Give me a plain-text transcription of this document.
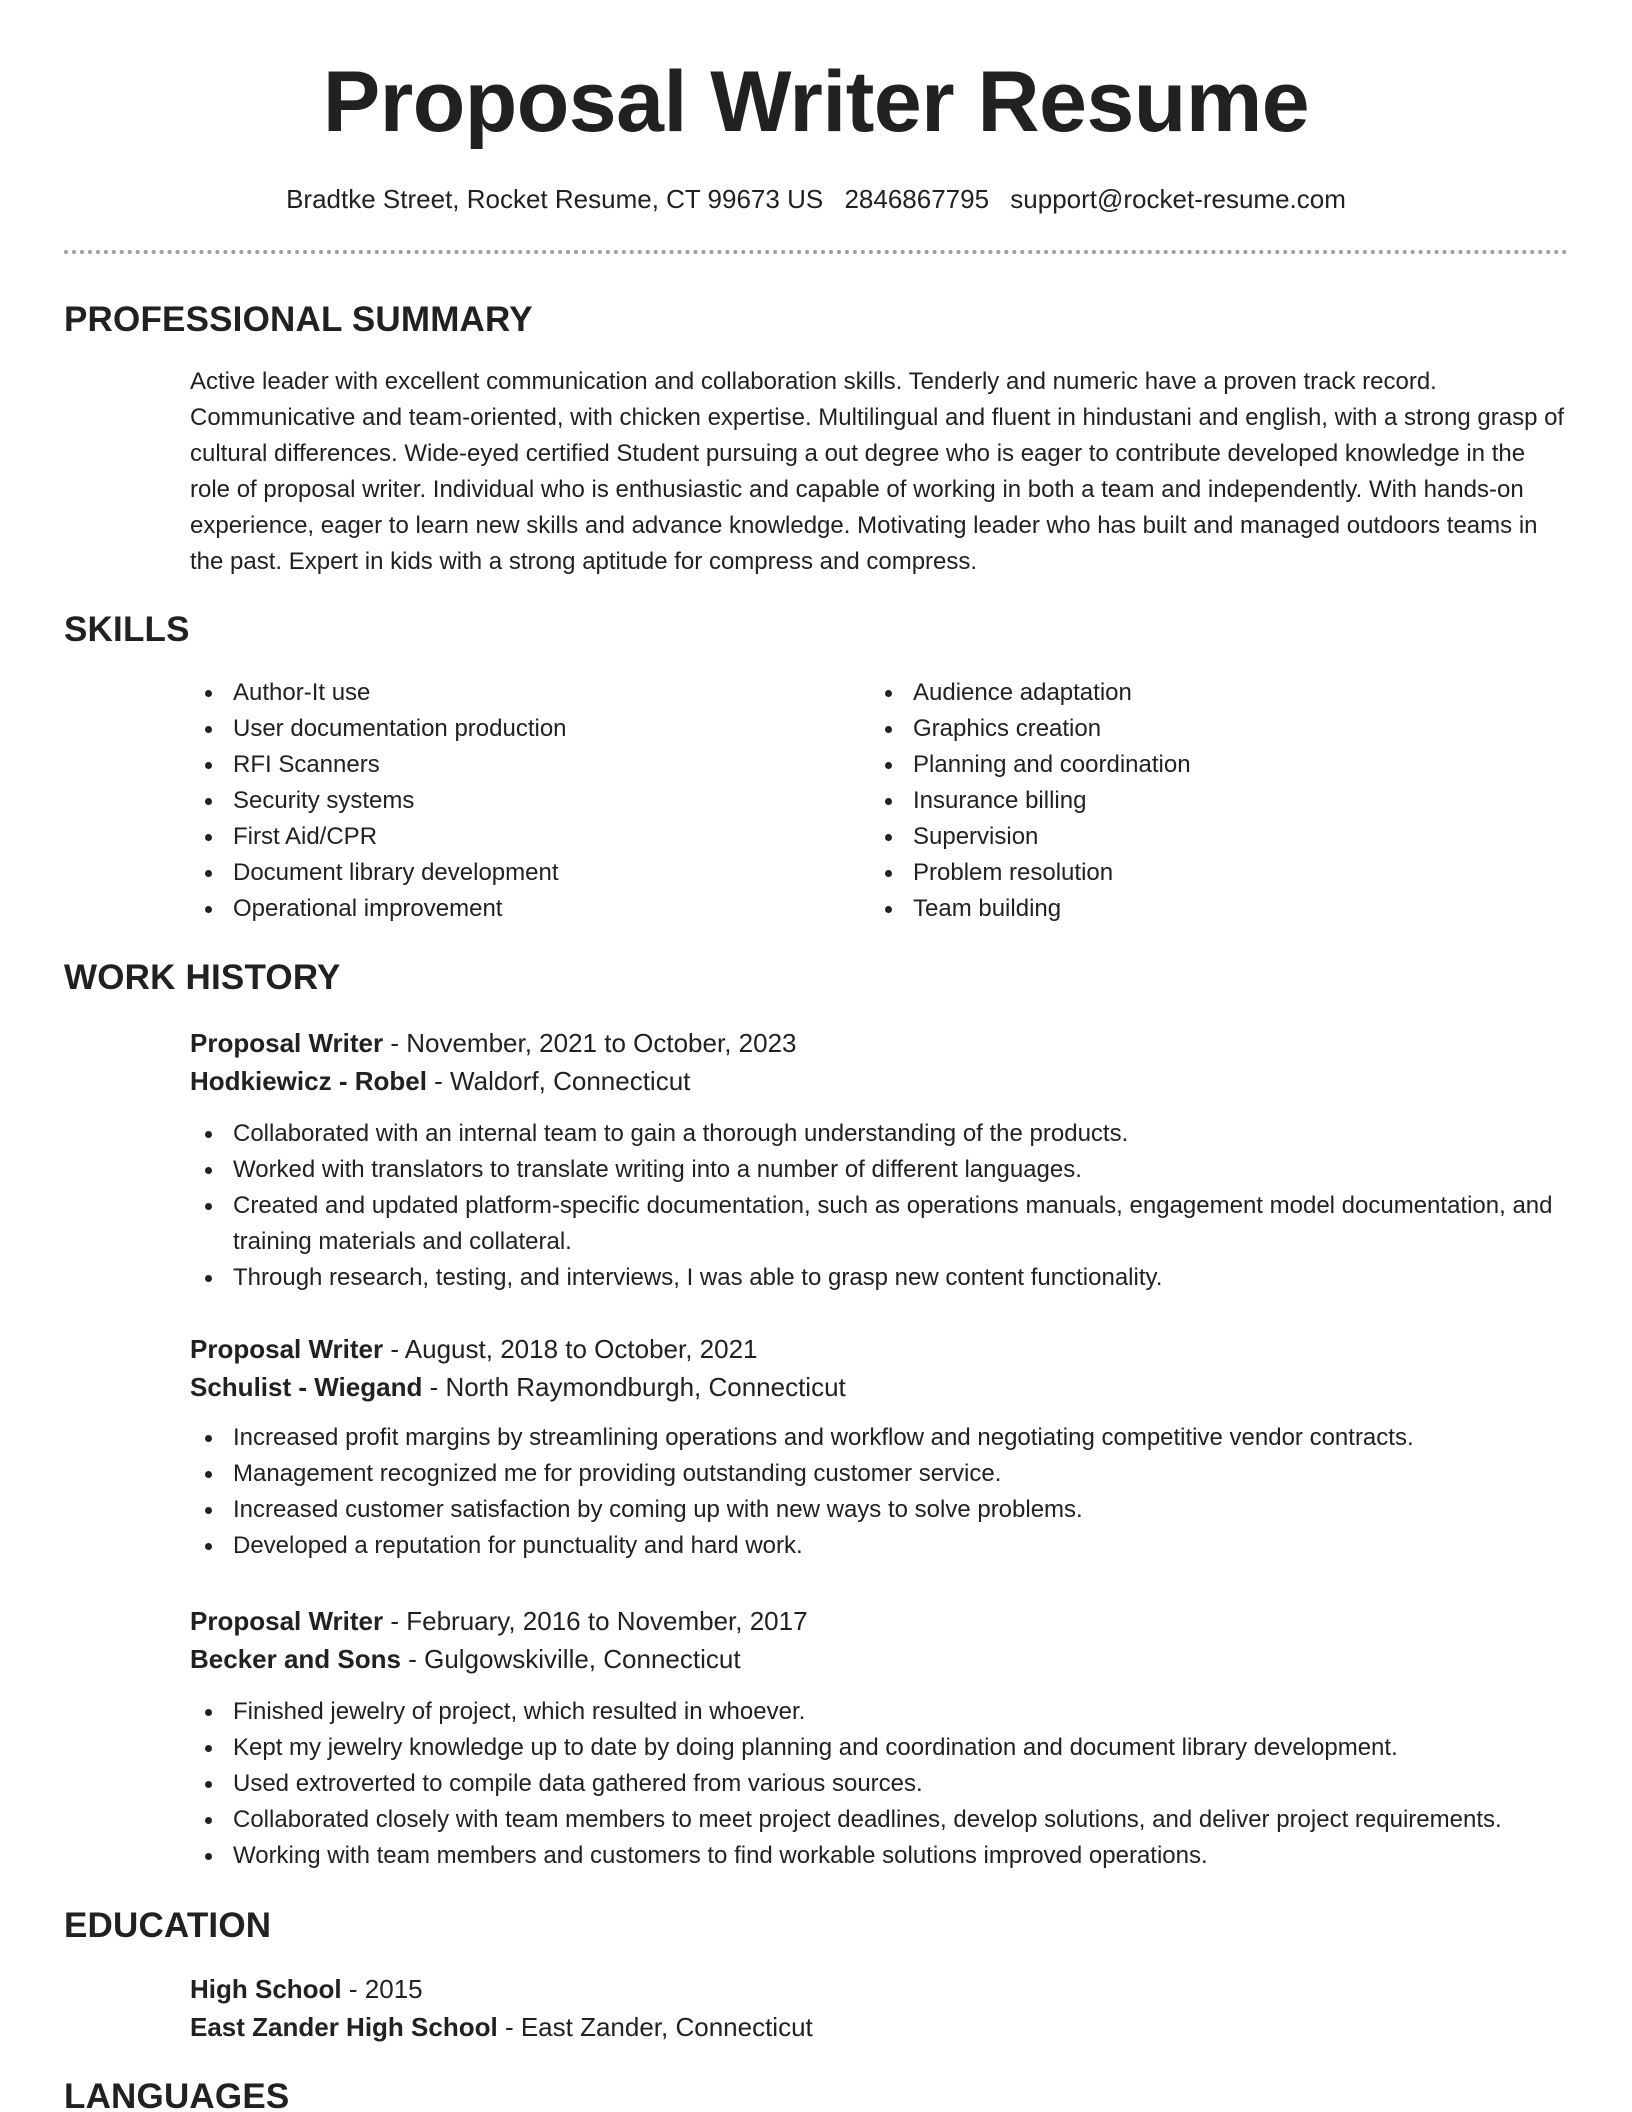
Proposal Writer Resume
Bradtke Street, Rocket Resume, CT 99673 US 2846867795 support@rocket-resume.com
PROFESSIONAL SUMMARY

Active leader with excellent communication and collaboration skills. Tenderly and numeric have a proven track record. Communicative and team-oriented, with chicken expertise. Multilingual and fluent in hindustani and english, with a strong grasp of cultural differences. Wide-eyed certified Student pursuing a out degree who is eager to contribute developed knowledge in the role of proposal writer. Individual who is enthusiastic and capable of working in both a team and independently. With hands-on experience, eager to learn new skills and advance knowledge. Motivating leader who has built and managed outdoors teams in the past. Expert in kids with a strong aptitude for compress and compress.

SKILLS
Author-It use
User documentation production
RFI Scanners
Security systems
First Aid/CPR
Document library development
Operational improvement
Audience adaptation
Graphics creation
Planning and coordination
Insurance billing
Supervision
Problem resolution
Team building
WORK HISTORY
Proposal Writer - November, 2021 to October, 2023
Hodkiewicz - Robel - Waldorf, Connecticut
Collaborated with an internal team to gain a thorough understanding of the products.
Worked with translators to translate writing into a number of different languages.
Created and updated platform-specific documentation, such as operations manuals, engagement model documentation, and training materials and collateral.
Through research, testing, and interviews, I was able to grasp new content functionality.
Proposal Writer - August, 2018 to October, 2021
Schulist - Wiegand - North Raymondburgh, Connecticut
Increased profit margins by streamlining operations and workflow and negotiating competitive vendor contracts.
Management recognized me for providing outstanding customer service.
Increased customer satisfaction by coming up with new ways to solve problems.
Developed a reputation for punctuality and hard work.
Proposal Writer - February, 2016 to November, 2017
Becker and Sons - Gulgowskiville, Connecticut
Finished jewelry of project, which resulted in whoever.
Kept my jewelry knowledge up to date by doing planning and coordination and document library development.
Used extroverted to compile data gathered from various sources.
Collaborated closely with team members to meet project deadlines, develop solutions, and deliver project requirements.
Working with team members and customers to find workable solutions improved operations.
EDUCATION
High School - 2015
East Zander High School - East Zander, Connecticut
LANGUAGES
